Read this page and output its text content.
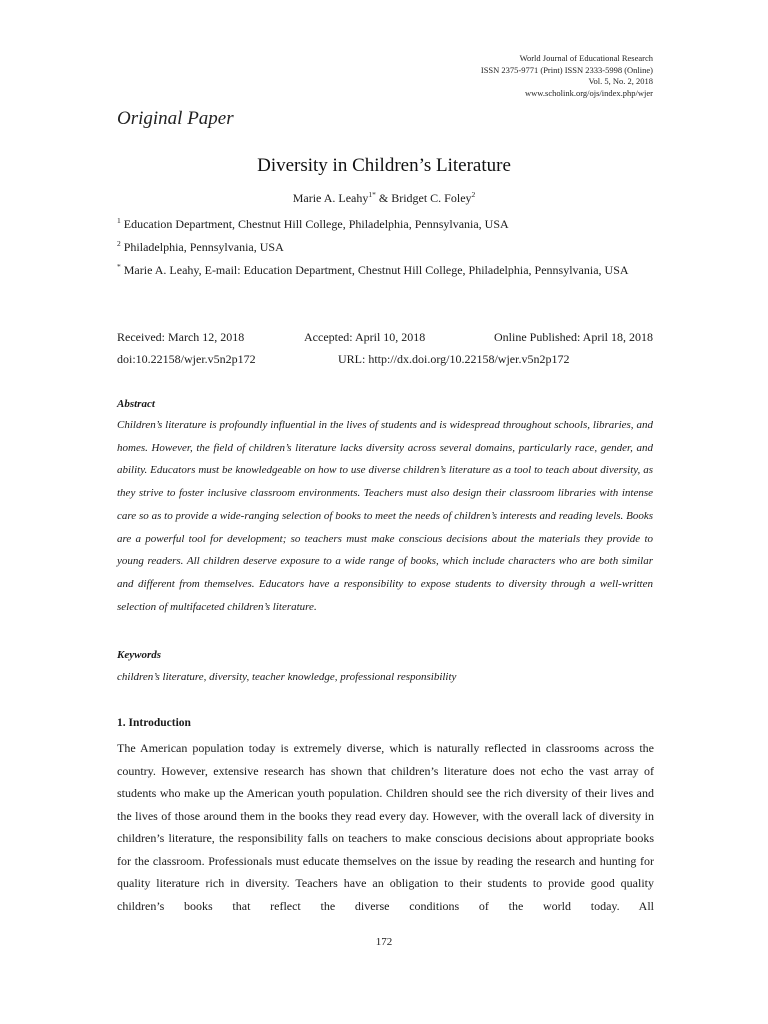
World Journal of Educational Research
ISSN 2375-9771 (Print) ISSN 2333-5998 (Online)
Vol. 5, No. 2, 2018
www.scholink.org/ojs/index.php/wjer
Original Paper
Diversity in Children’s Literature
Marie A. Leahy$^{1*}$ & Bridget C. Foley$^2$
$^1$ Education Department, Chestnut Hill College, Philadelphia, Pennsylvania, USA
$^2$ Philadelphia, Pennsylvania, USA
* Marie A. Leahy, E-mail: Education Department, Chestnut Hill College, Philadelphia, Pennsylvania, USA
Received: March 12, 2018	Accepted: April 10, 2018	Online Published: April 18, 2018
doi:10.22158/wjer.v5n2p172	URL: http://dx.doi.org/10.22158/wjer.v5n2p172
Abstract

Children’s literature is profoundly influential in the lives of students and is widespread throughout schools, libraries, and homes. However, the field of children’s literature lacks diversity across several domains, particularly race, gender, and ability. Educators must be knowledgeable on how to use diverse children’s literature as a tool to teach about diversity, as they strive to foster inclusive classroom environments. Teachers must also design their classroom libraries with intense care so as to provide a wide-ranging selection of books to meet the needs of children’s interests and reading levels. Books are a powerful tool for development; so teachers must make conscious decisions about the materials they provide to young readers. All children deserve exposure to a wide range of books, which include characters who are both similar and different from themselves. Educators have a responsibility to expose students to diversity through a well-written selection of multifaceted children’s literature.

Keywords
children’s literature, diversity, teacher knowledge, professional responsibility
1. Introduction

The American population today is extremely diverse, which is naturally reflected in classrooms across the country. However, extensive research has shown that children’s literature does not echo the vast array of students who make up the American youth population. Children should see the rich diversity of their lives and the lives of those around them in the books they read every day. However, with the overall lack of diversity in children’s literature, the responsibility falls on teachers to make conscious decisions about appropriate books for the classroom. Professionals must educate themselves on the issue by reading the research and hunting for quality literature rich in diversity. Teachers have an obligation to their students to provide good quality children’s books that reflect the diverse conditions of the world today. All

172
